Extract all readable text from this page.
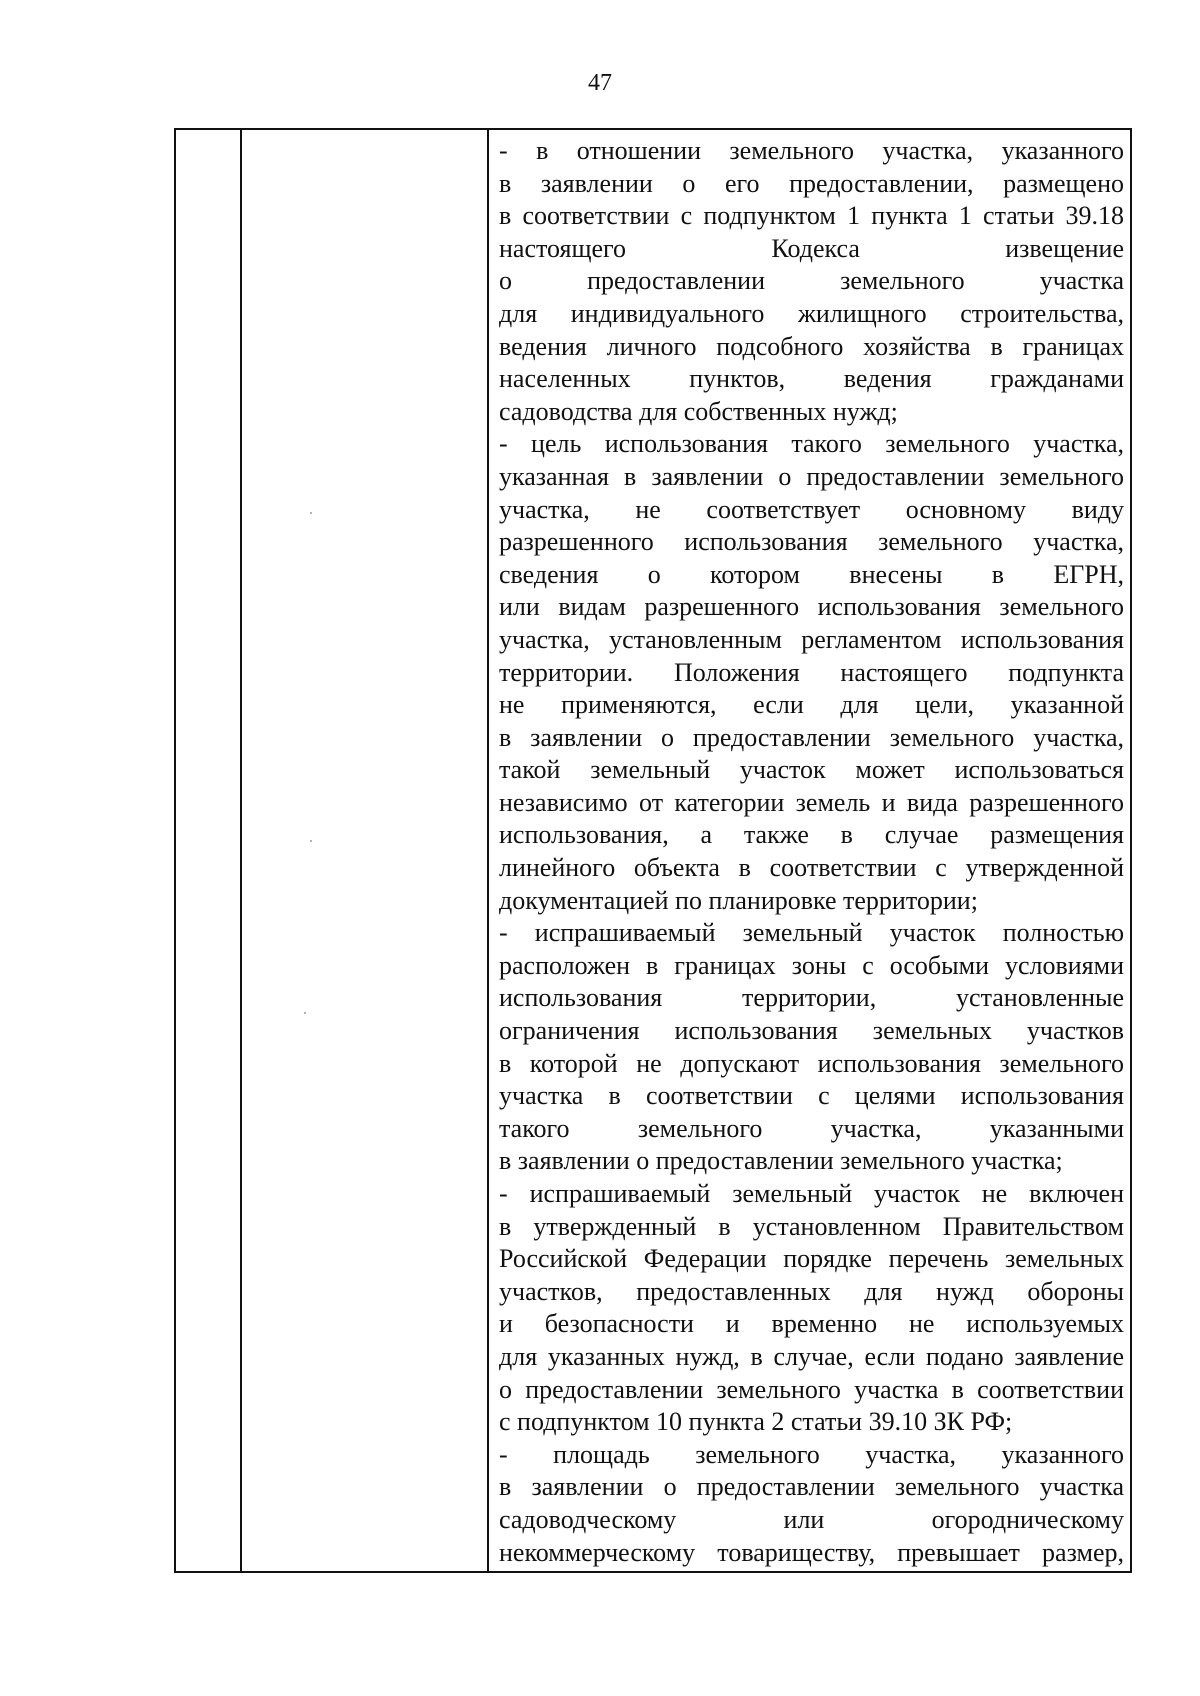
47
- в отношении земельного участка, указанного
в заявлении о его предоставлении, размещено
в соответствии с подпунктом 1 пункта 1 статьи 39.18
настоящего Кодекса извещение
о предоставлении земельного участка
для индивидуального жилищного строительства,
ведения личного подсобного хозяйства в границах
населенных пунктов, ведения гражданами
садоводства для собственных нужд;
- цель использования такого земельного участка,
указанная в заявлении о предоставлении земельного
участка, не соответствует основному виду
разрешенного использования земельного участка,
сведения о котором внесены в ЕГРН,
или видам разрешенного использования земельного
участка, установленным регламентом использования
территории. Положения настоящего подпункта
не применяются, если для цели, указанной
в заявлении о предоставлении земельного участка,
такой земельный участок может использоваться
независимо от категории земель и вида разрешенного
использования, а также в случае размещения
линейного объекта в соответствии с утвержденной
документацией по планировке территории;
- испрашиваемый земельный участок полностью
расположен в границах зоны с особыми условиями
использования территории, установленные
ограничения использования земельных участков
в которой не допускают использования земельного
участка в соответствии с целями использования
такого земельного участка, указанными
в заявлении о предоставлении земельного участка;
- испрашиваемый земельный участок не включен
в утвержденный в установленном Правительством
Российской Федерации порядке перечень земельных
участков, предоставленных для нужд обороны
и безопасности и временно не используемых
для указанных нужд, в случае, если подано заявление
о предоставлении земельного участка в соответствии
с подпунктом 10 пункта 2 статьи 39.10 ЗК РФ;
- площадь земельного участка, указанного
в заявлении о предоставлении земельного участка
садоводческому или огородническому
некоммерческому товариществу, превышает размер,
